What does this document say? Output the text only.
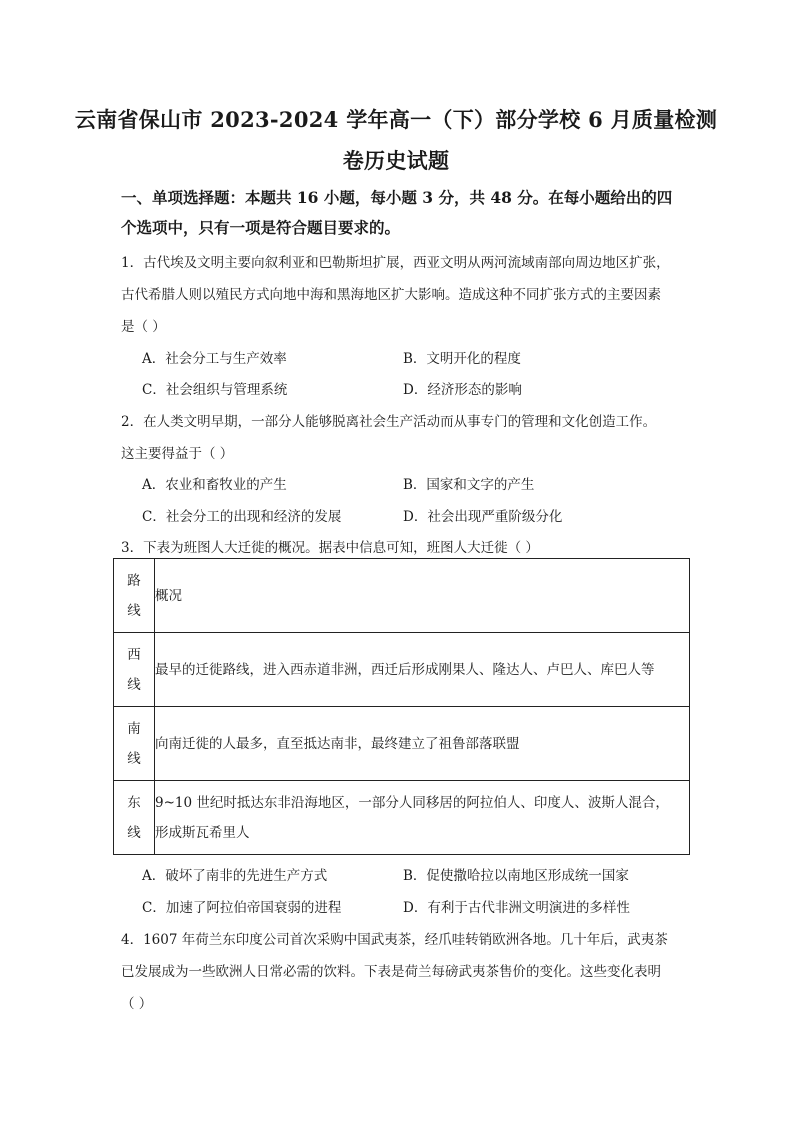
云南省保山市 2023-2024 学年高一（下）部分学校 6 月质量检测
卷历史试题
一、单项选择题：本题共 16 小题，每小题 3 分，共 48 分。在每小题给出的四
个选项中，只有一项是符合题目要求的。
1．古代埃及文明主要向叙利亚和巴勒斯坦扩展，西亚文明从两河流域南部向周边地区扩张，
古代希腊人则以殖民方式向地中海和黑海地区扩大影响。造成这种不同扩张方式的主要因素
是（ ）
A．社会分工与生产效率	B．文明开化的程度
C．社会组织与管理系统	D．经济形态的影响
2．在人类文明早期，一部分人能够脱离社会生产活动而从事专门的管理和文化创造工作。
这主要得益于（ ）
A．农业和畜牧业的产生	B．国家和文字的产生
C．社会分工的出现和经济的发展	D．社会出现严重阶级分化
3．下表为班图人大迁徙的概况。据表中信息可知，班图人大迁徙（ ）
路
线	概况

西
线	最早的迁徙路线，进入西赤道非洲，西迁后形成刚果人、隆达人、卢巴人、库巴人等

南
线	向南迁徙的人最多，直至抵达南非，最终建立了祖鲁部落联盟

东
线	9~10 世纪时抵达东非沿海地区，一部分人同移居的阿拉伯人、印度人、波斯人混合，
形成斯瓦希里人
A．破坏了南非的先进生产方式	B．促使撒哈拉以南地区形成统一国家
C．加速了阿拉伯帝国衰弱的进程	D．有利于古代非洲文明演进的多样性
4．1607 年荷兰东印度公司首次采购中国武夷茶，经爪哇转销欧洲各地。几十年后，武夷茶
已发展成为一些欧洲人日常必需的饮料。下表是荷兰每磅武夷茶售价的变化。这些变化表明
（ ）
